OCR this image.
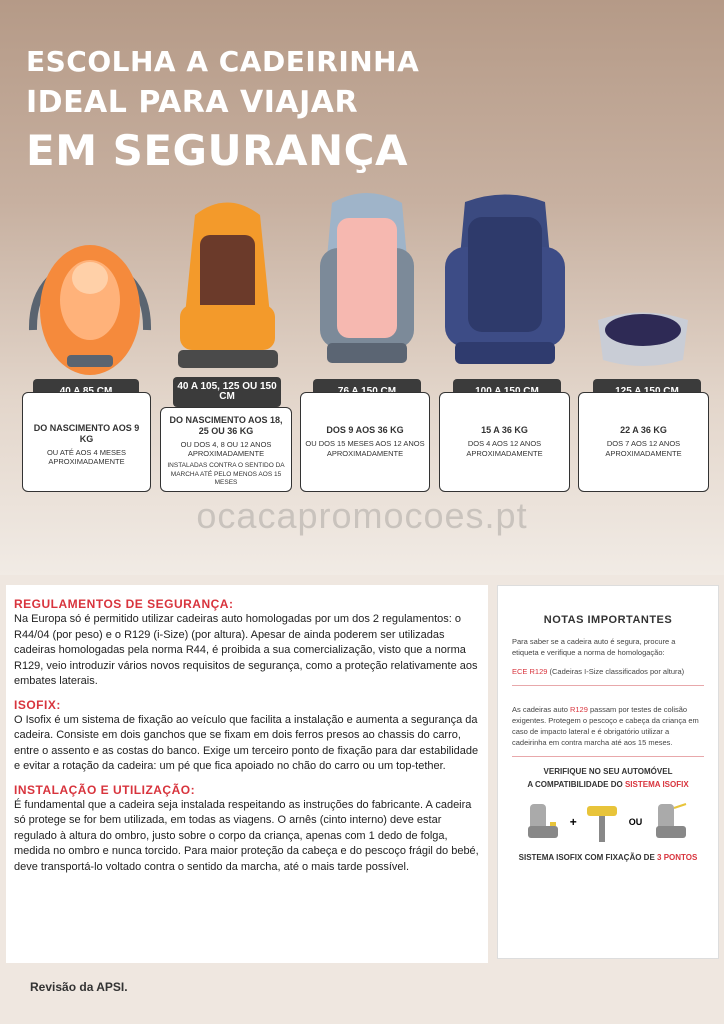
ESCOLHA A CADEIRINHA
IDEAL PARA VIAJAR
EM SEGURANÇA
40 A 105, 125 OU 150 CM
DO NASCIMENTO AOS 9 KG
OU ATÉ AOS 4 MESES APROXIMADAMENTE
DO NASCIMENTO AOS 18, 25 OU 36 KG
OU DOS 4, 8 OU 12 ANOS APROXIMADAMENTE
INSTALADAS CONTRA O SENTIDO DA MARCHA ATÉ PELO MENOS AOS 15 MESES
DOS 9 AOS 36 KG
OU DOS 15 MESES AOS 12 ANOS APROXIMADAMENTE
15 A 36 KG
DOS 4 AOS 12 ANOS APROXIMADAMENTE
22 A 36 KG
DOS 7 AOS 12 ANOS APROXIMADAMENTE
ocacapromocoes.pt
REGULAMENTOS DE SEGURANÇA:
Na Europa só é permitido utilizar cadeiras auto homologadas por um dos 2 regulamentos: o R44/04 (por peso) e o R129 (i-Size) (por altura). Apesar de ainda poderem ser utilizadas cadeiras homologadas pela norma R44, é proibida a sua comercialização, visto que a norma R129, veio introduzir vários novos requisitos de segurança, como a proteção relativamente aos embates laterais.
ISOFIX:
O Isofix é um sistema de fixação ao veículo que facilita a instalação e aumenta a segurança da cadeira. Consiste em dois ganchos que se fixam em dois ferros presos ao chassis do carro, entre o assento e as costas do banco. Exige um terceiro ponto de fixação para dar estabilidade e evitar a rotação da cadeira: um pé que fica apoiado no chão do carro ou um top-tether.
INSTALAÇÃO E UTILIZAÇÃO:
É fundamental que a cadeira seja instalada respeitando as instruções do fabricante. A cadeira só protege se for bem utilizada, em todas as viagens. O arnês (cinto interno) deve estar regulado à altura do ombro, justo sobre o corpo da criança, apenas com 1 dedo de folga, medida no ombro e nunca torcido. Para maior proteção da cabeça e do pescoço frágil do bebé, deve transportá-lo voltado contra o sentido da marcha, até o mais tarde possível.
NOTAS IMPORTANTES
Para saber se a cadeira auto é segura, procure a etiqueta e verifique a norma de homologação:
ECE R129 (Cadeiras I-Size classificados por altura)
As cadeiras auto R129 passam por testes de colisão exigentes. Protegem o pescoço e cabeça da criança em caso de impacto lateral e é obrigatório utilizar a cadeirinha em contra marcha até aos 15 meses.
VERIFIQUE NO SEU AUTOMÓVEL
A COMPATIBILIDADE DO SISTEMA ISOFIX
+	OU
SISTEMA ISOFIX COM FIXAÇÃO DE 3 PONTOS
Revisão da APSI.
